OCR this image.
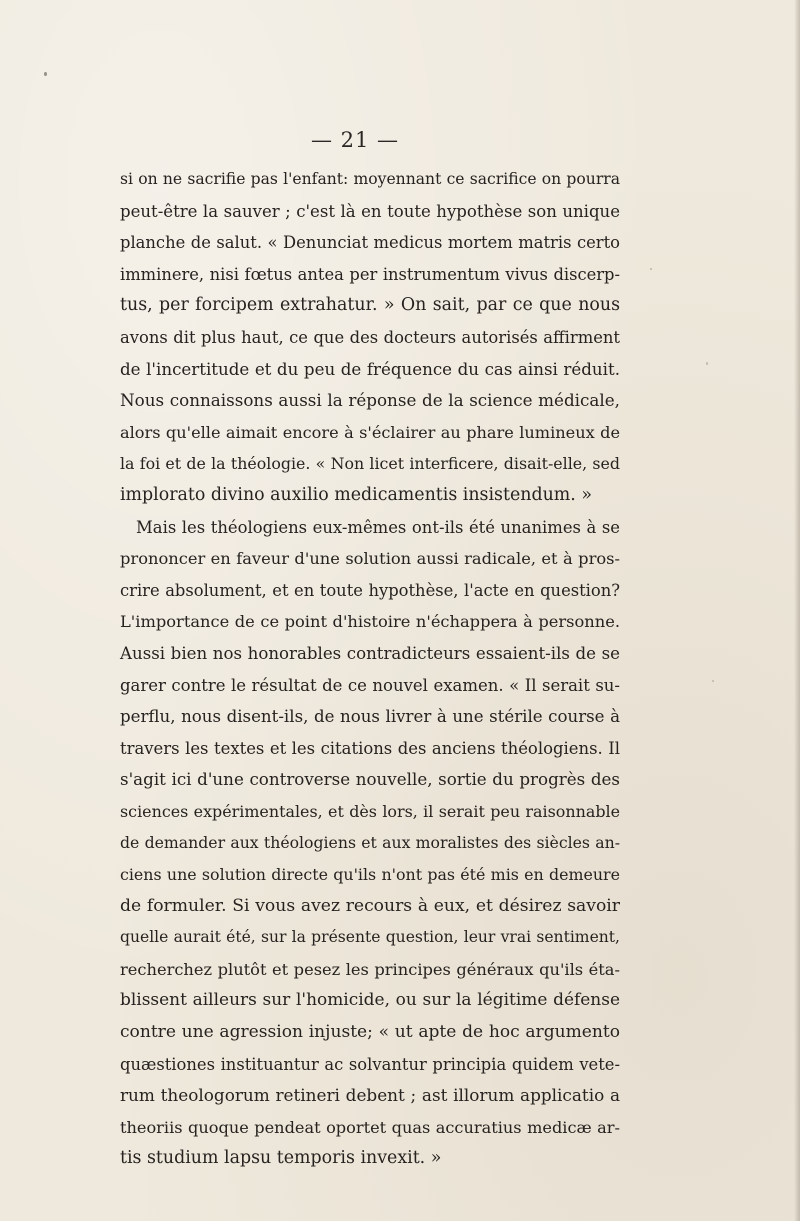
— 21 —
si on ne sacrifie pas l'enfant: moyennant ce sacrifice on pourra
peut-être la sauver ; c'est là en toute hypothèse son unique
planche de salut. « Denunciat medicus mortem matris certo
imminere, nisi fœtus antea per instrumentum vivus discerp-
tus, per forcipem extrahatur. » On sait, par ce que nous
avons dit plus haut, ce que des docteurs autorisés affirment
de l'incertitude et du peu de fréquence du cas ainsi réduit.
Nous connaissons aussi la réponse de la science médicale,
alors qu'elle aimait encore à s'éclairer au phare lumineux de
la foi et de la théologie. « Non licet interficere, disait-elle, sed
implorato divino auxilio medicamentis insistendum. »
Mais les théologiens eux-mêmes ont-ils été unanimes à se
prononcer en faveur d'une solution aussi radicale, et à pros-
crire absolument, et en toute hypothèse, l'acte en question?
L'importance de ce point d'histoire n'échappera à personne.
Aussi bien nos honorables contradicteurs essaient-ils de se
garer contre le résultat de ce nouvel examen. « Il serait su-
perflu, nous disent-ils, de nous livrer à une stérile course à
travers les textes et les citations des anciens théologiens. Il
s'agit ici d'une controverse nouvelle, sortie du progrès des
sciences expérimentales, et dès lors, il serait peu raisonnable
de demander aux théologiens et aux moralistes des siècles an-
ciens une solution directe qu'ils n'ont pas été mis en demeure
de formuler. Si vous avez recours à eux, et désirez savoir
quelle aurait été, sur la présente question, leur vrai sentiment,
recherchez plutôt et pesez les principes généraux qu'ils éta-
blissent ailleurs sur l'homicide, ou sur la légitime défense
contre une agression injuste; « ut apte de hoc argumento
quæstiones instituantur ac solvantur principia quidem vete-
rum theologorum retineri debent ; ast illorum applicatio a
theoriis quoque pendeat oportet quas accuratius medicæ ar-
tis studium lapsu temporis invexit. »
